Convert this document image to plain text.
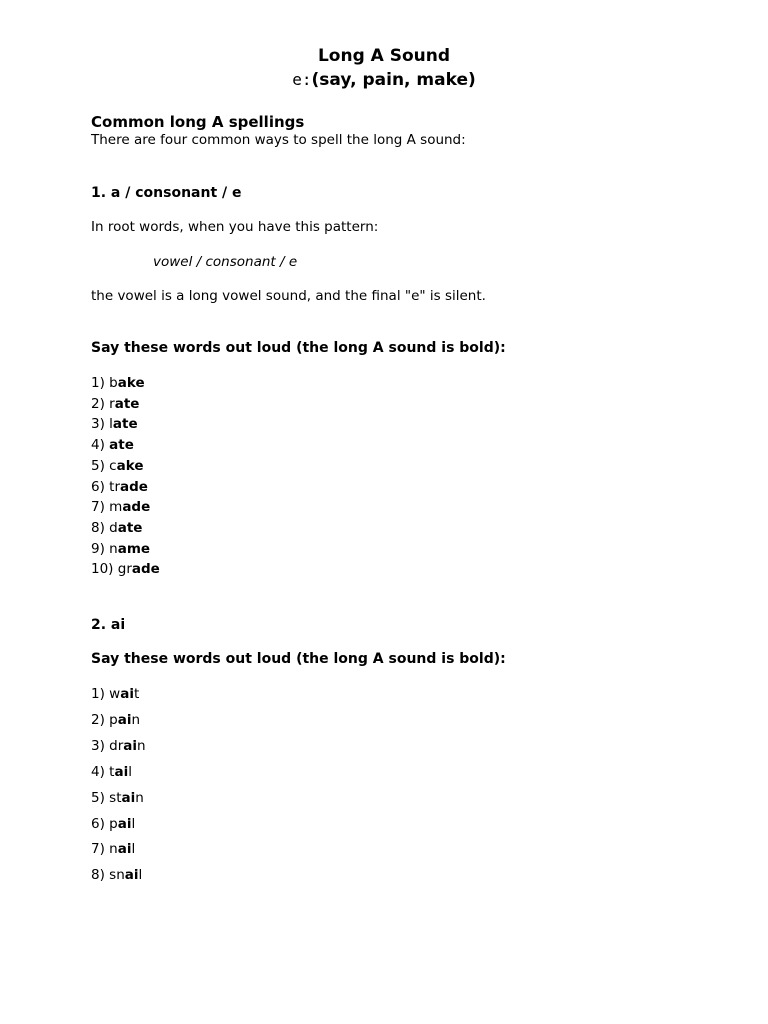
Long A Sound
e:(say, pain, make)
Common long A spellings
There are four common ways to spell the long A sound:
1. a / consonant / e
In root words, when you have this pattern:
vowel / consonant / e
the vowel is a long vowel sound, and the final "e" is silent.
Say these words out loud (the long A sound is bold):
1) bake
2) rate
3) late
4) ate
5) cake
6) trade
7) made
8) date
9) name
10) grade
2. ai
Say these words out loud (the long A sound is bold):
1) wait
2) pain
3) drain
4) tail
5) stain
6) pail
7) nail
8) snail
